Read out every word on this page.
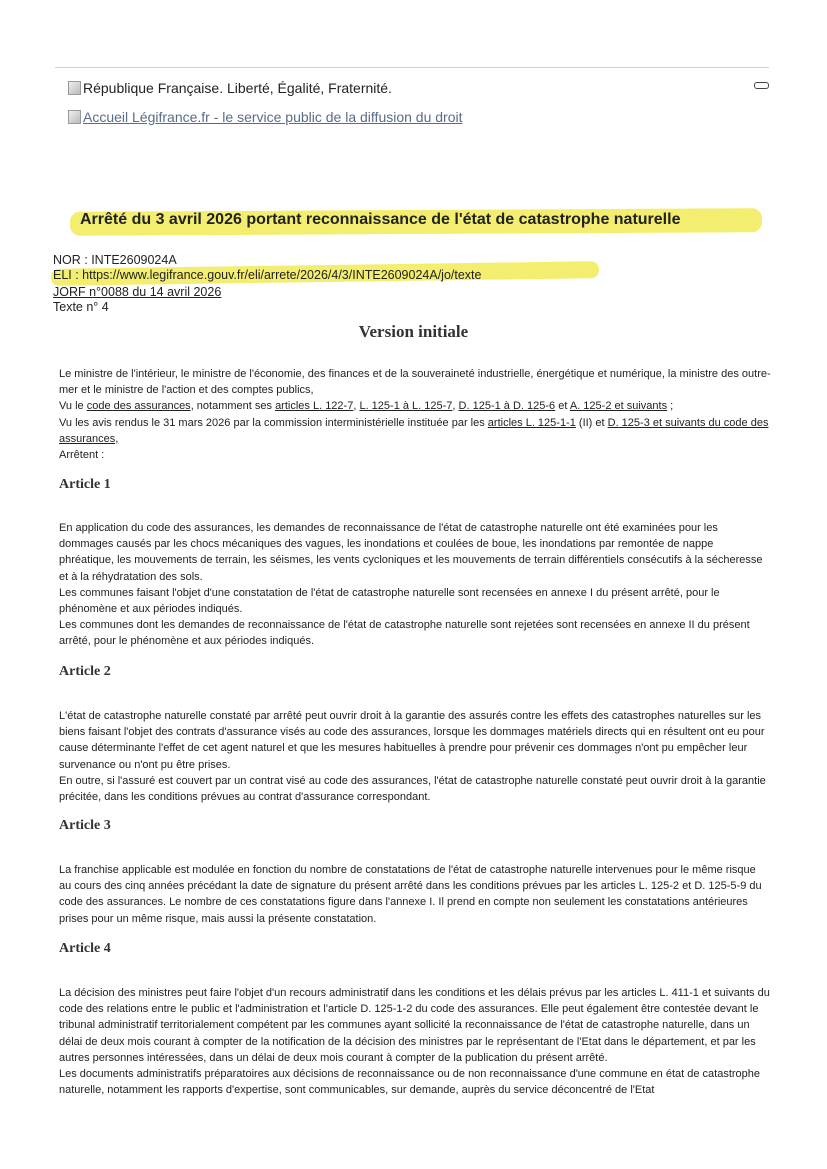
République Française. Liberté, Égalité, Fraternité.
Accueil Légifrance.fr - le service public de la diffusion du droit
Arrêté du 3 avril 2026 portant reconnaissance de l'état de catastrophe naturelle
NOR : INTE2609024A
ELI : https://www.legifrance.gouv.fr/eli/arrete/2026/4/3/INTE2609024A/jo/texte
JORF n°0088 du 14 avril 2026
Texte n° 4
Version initiale

Le ministre de l'intérieur, le ministre de l'économie, des finances et de la souveraineté industrielle, énergétique et numérique, la ministre des outre-mer et le ministre de l'action et des comptes publics,

Vu le code des assurances, notamment ses articles L. 122-7, L. 125-1 à L. 125-7, D. 125-1 à D. 125-6 et A. 125-2 et suivants ;

Vu les avis rendus le 31 mars 2026 par la commission interministérielle instituée par les articles L. 125-1-1 (II) et D. 125-3 et suivants du code des assurances,

Arrêtent :

Article 1

En application du code des assurances, les demandes de reconnaissance de l'état de catastrophe naturelle ont été examinées pour les dommages causés par les chocs mécaniques des vagues, les inondations et coulées de boue, les inondations par remontée de nappe phréatique, les mouvements de terrain, les séismes, les vents cycloniques et les mouvements de terrain différentiels consécutifs à la sécheresse et à la réhydratation des sols.

Les communes faisant l'objet d'une constatation de l'état de catastrophe naturelle sont recensées en annexe I du présent arrêté, pour le phénomène et aux périodes indiqués.

Les communes dont les demandes de reconnaissance de l'état de catastrophe naturelle sont rejetées sont recensées en annexe II du présent arrêté, pour le phénomène et aux périodes indiqués.

Article 2

L'état de catastrophe naturelle constaté par arrêté peut ouvrir droit à la garantie des assurés contre les effets des catastrophes naturelles sur les biens faisant l'objet des contrats d'assurance visés au code des assurances, lorsque les dommages matériels directs qui en résultent ont eu pour cause déterminante l'effet de cet agent naturel et que les mesures habituelles à prendre pour prévenir ces dommages n'ont pu empêcher leur survenance ou n'ont pu être prises.

En outre, si l'assuré est couvert par un contrat visé au code des assurances, l'état de catastrophe naturelle constaté peut ouvrir droit à la garantie précitée, dans les conditions prévues au contrat d'assurance correspondant.

Article 3

La franchise applicable est modulée en fonction du nombre de constatations de l'état de catastrophe naturelle intervenues pour le même risque au cours des cinq années précédant la date de signature du présent arrêté dans les conditions prévues par les articles L. 125-2 et D. 125-5-9 du code des assurances. Le nombre de ces constatations figure dans l'annexe I. Il prend en compte non seulement les constatations antérieures prises pour un même risque, mais aussi la présente constatation.

Article 4

La décision des ministres peut faire l'objet d'un recours administratif dans les conditions et les délais prévus par les articles L. 411-1 et suivants du code des relations entre le public et l'administration et l'article D. 125-1-2 du code des assurances. Elle peut également être contestée devant le tribunal administratif territorialement compétent par les communes ayant sollicité la reconnaissance de l'état de catastrophe naturelle, dans un délai de deux mois courant à compter de la notification de la décision des ministres par le représentant de l'Etat dans le département, et par les autres personnes intéressées, dans un délai de deux mois courant à compter de la publication du présent arrêté.

Les documents administratifs préparatoires aux décisions de reconnaissance ou de non reconnaissance d'une commune en état de catastrophe naturelle, notamment les rapports d'expertise, sont communicables, sur demande, auprès du service déconcentré de l'Etat
